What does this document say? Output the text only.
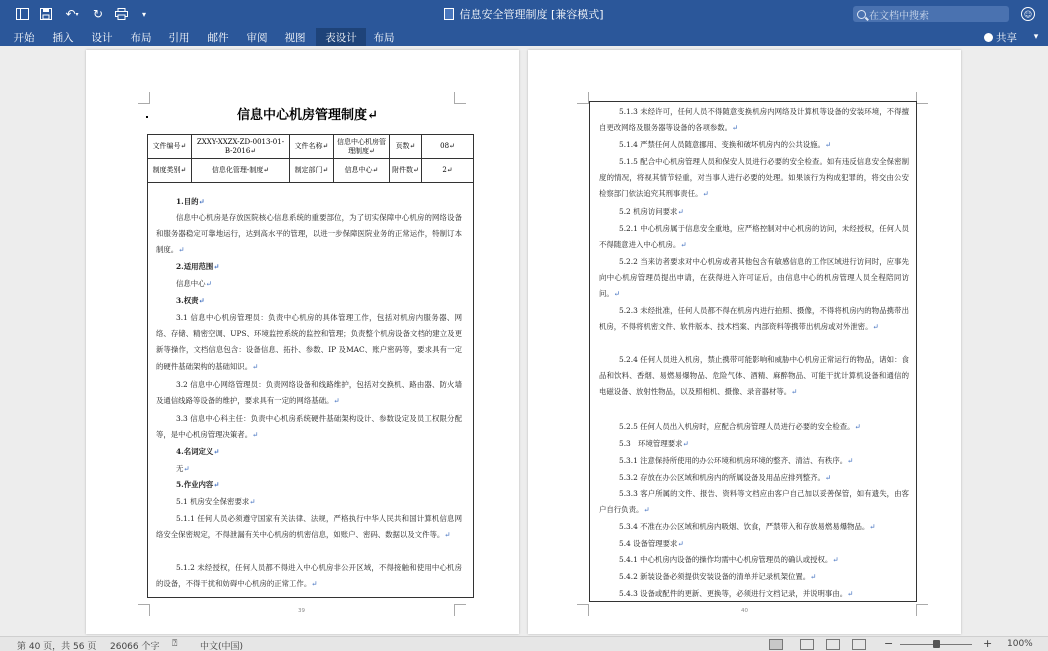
↶ ▾ ↻	▾	信息安全管理制度 [兼容模式]	在文档中搜索	☺
开始	插入	设计	布局	引用	邮件	审阅	视图	表设计	布局	共享	▾
39	40
信息中心机房管理制度↵
文件编号↵	ZXXY-XXZX-ZD-0013-01-B-2016↵	文件名称↵	信息中心机房管理制度↵	页数↵	08↵
制度类别↵	信息化管理-制度↵	制定部门↵	信息中心↵	附件数↵	2↵
1.目的↵
信息中心机房是存放医院核心信息系统的重要部位，为了切实保障中心机房的网络设备和服务器稳定可靠地运行，达到高水平的管理，以进一步保障医院业务的正常运作，特制订本制度。↵
2.适用范围↵
信息中心↵
3.权责↵
3.1 信息中心机房管理员：负责中心机房的具体管理工作，包括对机房内服务器、网络、存储、精密空调、UPS、环境监控系统的监控和管理；负责整个机房设备文档的建立及更新等操作，文档信息包含：设备信息、拓扑、参数、IP 及MAC、账户密码等，要求具有一定的硬件基础架构的基础知识。↵
3.2 信息中心网络管理员：负责网络设备和线路维护，包括对交换机、路由器、防火墙及通信线路等设备的维护，要求具有一定的网络基础。↵
3.3 信息中心科主任：负责中心机房系统硬件基础架构设计、参数设定及员工权限分配等，是中心机房管理决策者。↵
4.名词定义↵
无↵
5.作业内容↵
5.1 机房安全保密要求↵
5.1.1 任何人员必须遵守国家有关法律、法规，严格执行中华人民共和国计算机信息网络安全保密规定，不得泄漏有关中心机房的机密信息，如账户、密码、数据以及文件等。↵
5.1.2 未经授权，任何人员都不得进入中心机房非公开区域，不得接触和使用中心机房的设备，不得干扰和妨碍中心机房的正常工作。↵
5.1.3 未经许可，任何人员不得随意变换机房内网络及计算机等设备的安装环境，不得擅自更改网络及服务器等设备的各项参数。↵
5.1.4 严禁任何人员随意挪用、变换和破坏机房内的公共设施。↵
5.1.5 配合中心机房管理人员和保安人员进行必要的安全检查。如有违反信息安全保密制度的情况，将视其情节轻重，对当事人进行必要的处理。如果该行为构成犯罪的，将交由公安检察部门依法追究其刑事责任。↵
5.2 机房访问要求↵
5.2.1 中心机房属于信息安全重地，应严格控制对中心机房的访问，未经授权，任何人员不得随意进入中心机房。↵
5.2.2 当来访者要求对中心机房或者其他包含有敏感信息的工作区域进行访问时，应事先向中心机房管理员提出申请，在获得进入许可证后，由信息中心的机房管理人员全程陪同访问。↵
5.2.3 未经批准，任何人员都不得在机房内进行拍照、摄像，不得将机房内的物品携带出机房，不得将机密文件、软件版本、技术档案、内部资料等携带出机房或对外泄密。↵
5.2.4 任何人员进入机房，禁止携带可能影响和威胁中心机房正常运行的物品，诸如：食品和饮料、香烟、易燃易爆物品、危险气体、酒精、麻醉物品、可能干扰计算机设备和通信的电磁设备、放射性物品，以及照相机、摄像、录音器材等。↵
5.2.5 任何人员出入机房时，应配合机房管理人员进行必要的安全检查。↵
5.3　环境管理要求↵
5.3.1 注意保持所使用的办公环境和机房环境的整齐、清洁、有秩序。↵
5.3.2 存放在办公区域和机房内的所属设备及用品应排列整齐。↵
5.3.3 客户所属的文件、报告、资料等文档应由客户自己加以妥善保管，如有遗失，由客户自行负责。↵
5.3.4 不准在办公区域和机房内吸烟、饮食，严禁带入和存放易燃易爆物品。↵
5.4 设备管理要求↵
5.4.1 中心机房内设备的操作均需中心机房管理员的确认或授权。↵
5.4.2 新装设备必须提供安装设备的清单并记录机架位置。↵
5.4.3 设备或配件的更新、更换等，必须进行文档记录，并说明事由。↵
第 40 页，共 56 页 26066 个字 ⍰	中文(中国)	−	+ 100%
